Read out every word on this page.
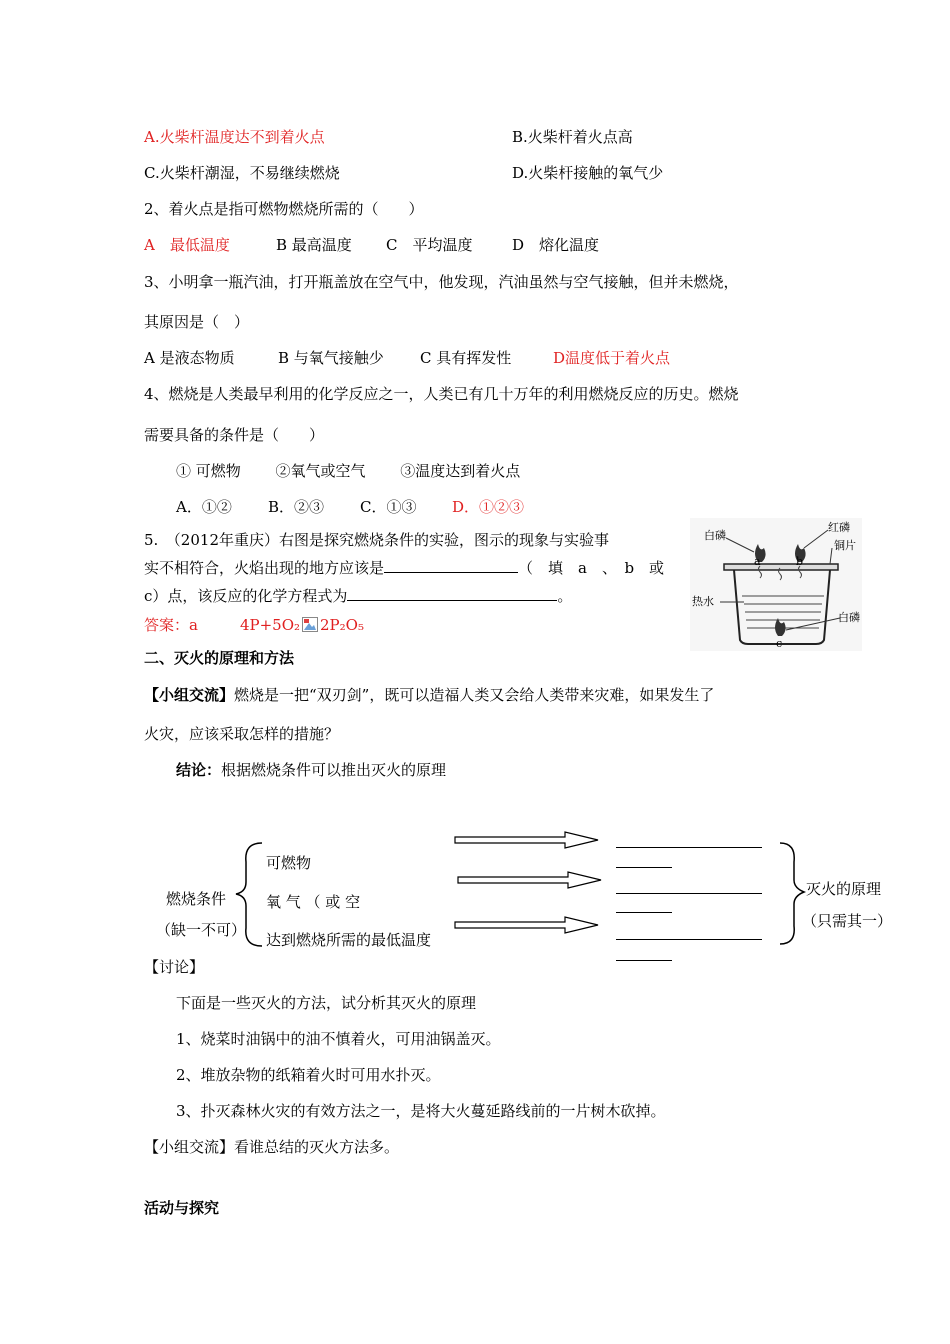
A.火柴杆温度达不到着火点	B.火柴杆着火点高
C.火柴杆潮湿，不易继续燃烧	D.火柴杆接触的氧气少
2、着火点是指可燃物燃烧所需的（　　）
A　最低温度	B 最高温度 C　平均温度	D　熔化温度
3、小明拿一瓶汽油，打开瓶盖放在空气中，他发现，汽油虽然与空气接触，但并未燃烧，
其原因是（　）
A 是液态物质	B 与氧气接触少 C 具有挥发性	D温度低于着火点
4、燃烧是人类最早利用的化学反应之一，人类已有几十万年的利用燃烧反应的历史。燃烧
需要具备的条件是（　　）
① 可燃物　　 ②氧气或空气　　 ③温度达到着火点
A．①② B．②③ C．①③ D．①②③
5.　（2012年重庆）右图是探究燃烧条件的实验，图示的现象与实验事
实不相符合，火焰出现的地方应该是	（　填　a　、　b　或
c）点，该反应的化学方程式为	。
答案：a	4P+5O₂ 2P₂O₅
白磷
红磷
铜片
热水
白磷
a	b
c
二、灭火的原理和方法
【小组交流】燃烧是一把“双刃剑”，既可以造福人类又会给人类带来灾难，如果发生了
火灾，应该采取怎样的措施？
结论：根据燃烧条件可以推出灭火的原理
燃烧条件
（缺一不可）
可燃物
氧 气 （ 或 空
达到燃烧所需的最低温度
灭火的原理
（只需其一）
【讨论】
下面是一些灭火的方法，试分析其灭火的原理
1、烧菜时油锅中的油不慎着火，可用油锅盖灭。
2、堆放杂物的纸箱着火时可用水扑灭。
3、扑灭森林火灾的有效方法之一，是将大火蔓延路线前的一片树木砍掉。
【小组交流】看谁总结的灭火方法多。
活动与探究
